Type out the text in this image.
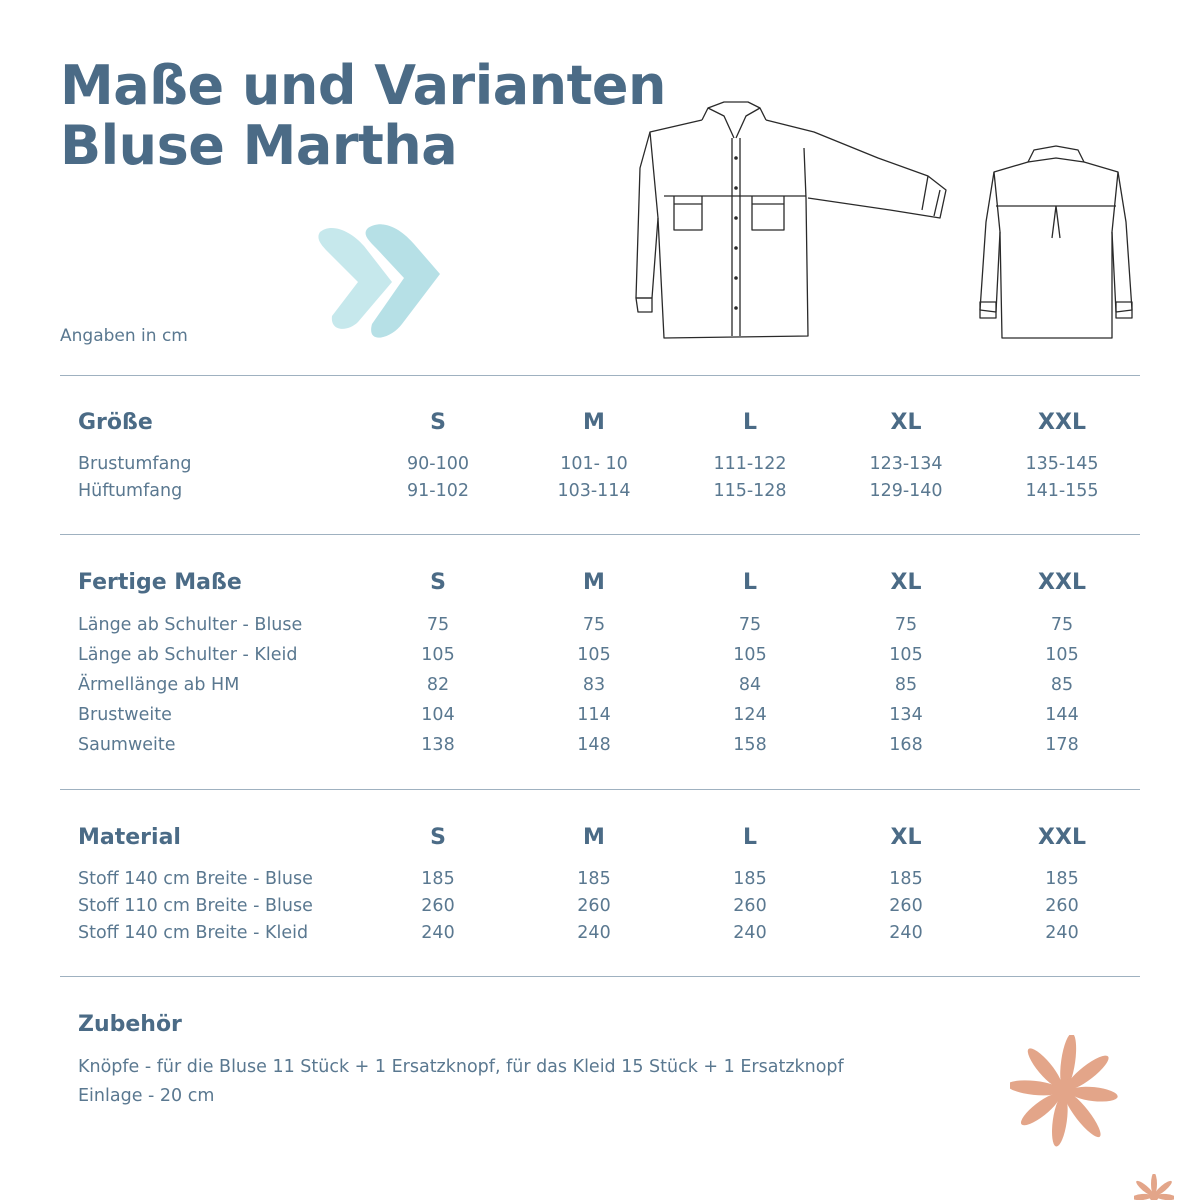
Maße und Varianten
Bluse Martha
Angaben in cm
Größe	S	M	L	XL	XXL
Brustumfang	90-100	101- 10	111-122	123-134	135-145
Hüftumfang	91-102	103-114	115-128	129-140	141-155
Fertige Maße	S	M	L	XL	XXL
Länge ab Schulter - Bluse	75	75	75	75	75
Länge ab Schulter - Kleid	105	105	105	105	105
Ärmellänge ab HM	82	83	84	85	85
Brustweite	104	114	124	134	144
Saumweite	138	148	158	168	178
Material	S	M	L	XL	XXL
Stoff 140 cm Breite - Bluse	185	185	185	185	185
Stoff 110 cm Breite - Bluse	260	260	260	260	260
Stoff 140 cm Breite - Kleid	240	240	240	240	240
Zubehör
Knöpfe - für die Bluse 11 Stück + 1 Ersatzknopf, für das Kleid 15 Stück + 1 Ersatzknopf
Einlage - 20 cm
